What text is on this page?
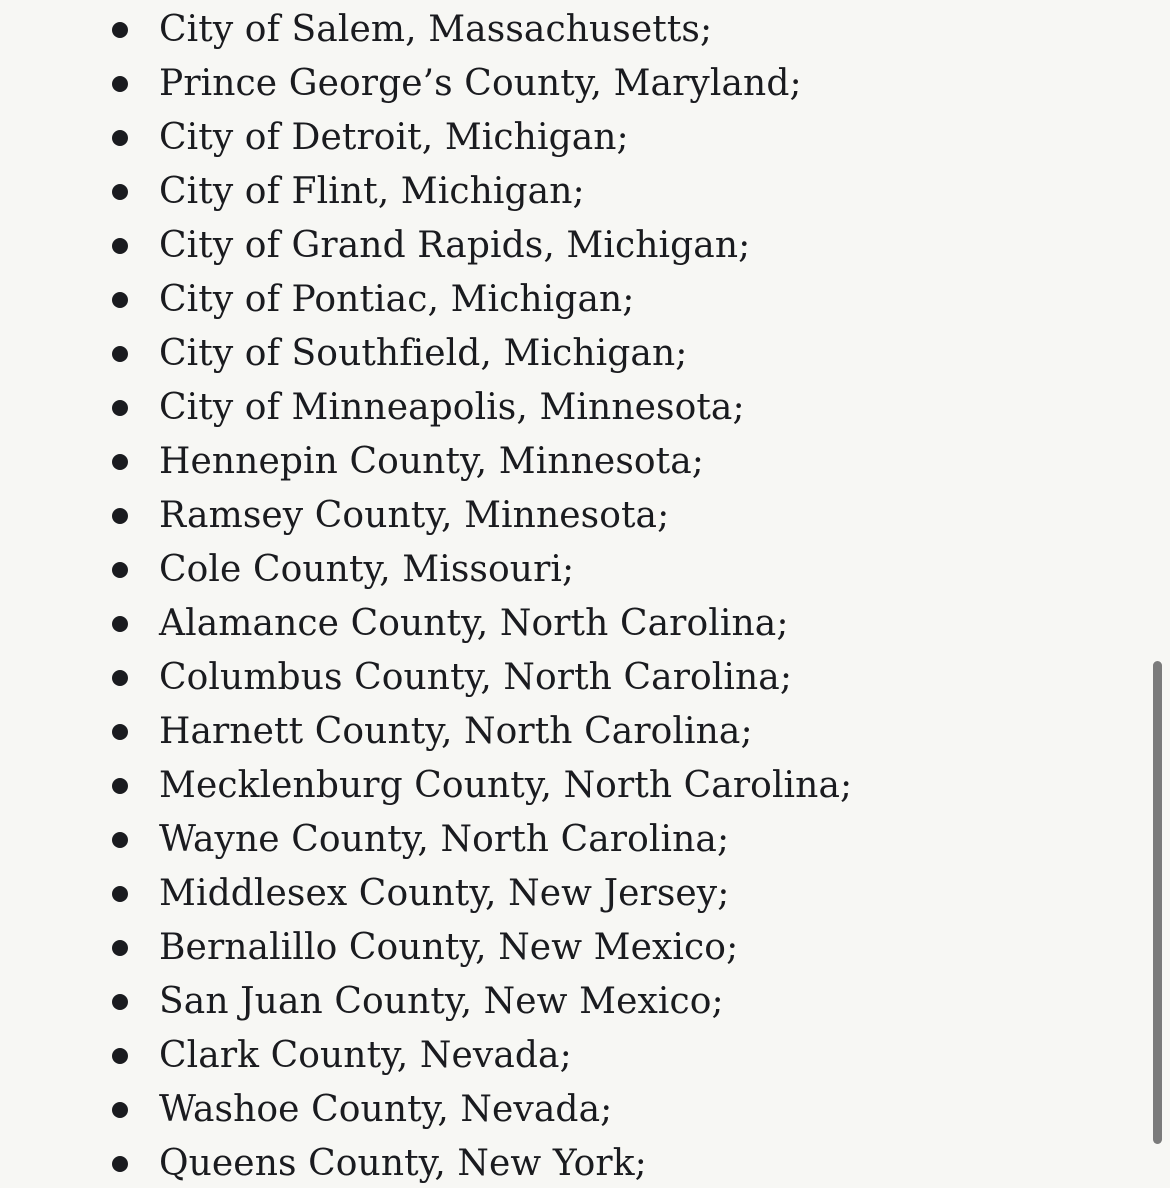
City of Salem, Massachusetts;
Prince George’s County, Maryland;
City of Detroit, Michigan;
City of Flint, Michigan;
City of Grand Rapids, Michigan;
City of Pontiac, Michigan;
City of Southfield, Michigan;
City of Minneapolis, Minnesota;
Hennepin County, Minnesota;
Ramsey County, Minnesota;
Cole County, Missouri;
Alamance County, North Carolina;
Columbus County, North Carolina;
Harnett County, North Carolina;
Mecklenburg County, North Carolina;
Wayne County, North Carolina;
Middlesex County, New Jersey;
Bernalillo County, New Mexico;
San Juan County, New Mexico;
Clark County, Nevada;
Washoe County, Nevada;
Queens County, New York;
